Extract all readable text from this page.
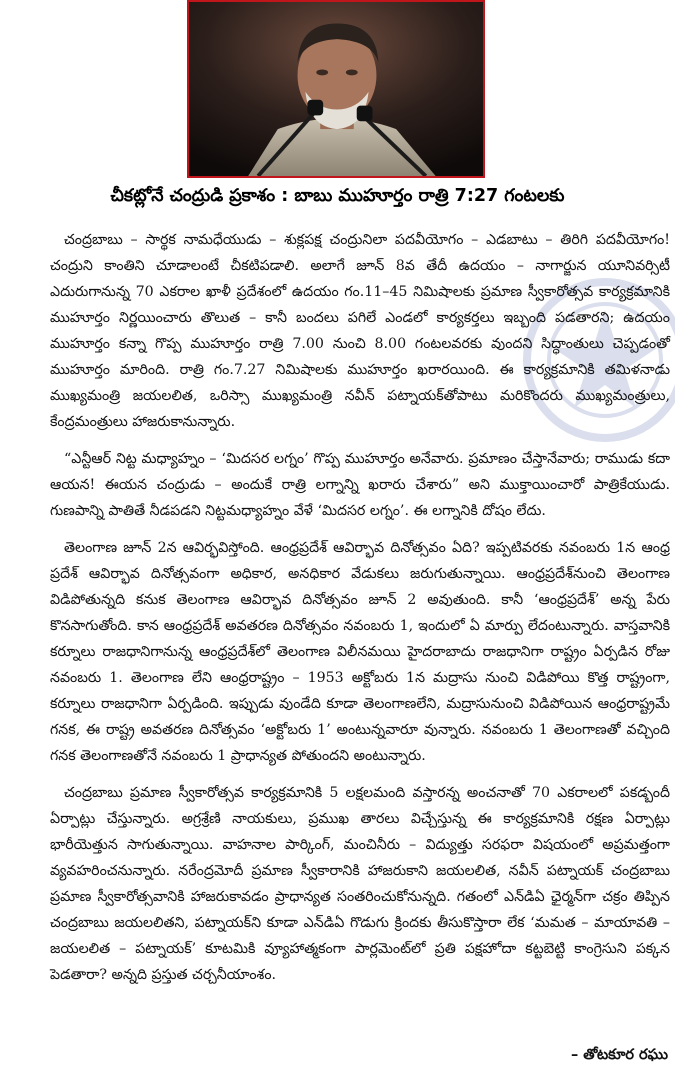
చీకట్లోనే చంద్రుడి ప్రకాశం : బాబు ముహూర్తం రాత్రి 7:27 గంటలకు

చంద్రబాబు – సార్థక నామధేయుడు – శుక్లపక్ష చంద్రునిలా పదవీయోగం – ఎడబాటు – తిరిగి పదవీయోగం! చంద్రుని కాంతిని చూడాలంటే చీకటిపడాలి. అలాగే జూన్ 8వ తేదీ ఉదయం – నాగార్జున యూనివర్సిటీ ఎదురుగానున్న 70 ఎకరాల ఖాళీ ప్రదేశంలో ఉదయం గం.11–45 నిమిషాలకు ప్రమాణ స్వీకారోత్సవ కార్యక్రమానికి ముహూర్తం నిర్ణయించారు తొలుత – కానీ బందలు పగిలే ఎండలో కార్యకర్తలు ఇబ్బంది పడతారని; ఉదయం ముహూర్తం కన్నా గొప్ప ముహూర్తం రాత్రి 7.00 నుంచి 8.00 గంటలవరకు వుందని సిద్ధాంతులు చెప్పడంతో ముహూర్తం మారింది. రాత్రి గం.7.27 నిమిషాలకు ముహూర్తం ఖరారయింది. ఈ కార్యక్రమానికి తమిళనాడు ముఖ్యమంత్రి జయలలిత, ఒరిస్సా ముఖ్యమంత్రి నవీన్ పట్నాయక్‌తోపాటు మరికొందరు ముఖ్యమంత్రులు, కేంద్రమంత్రులు హాజరుకానున్నారు.

“ఎన్టీఆర్ నిట్ట మధ్యాహ్నం – ‘మిదసర లగ్నం’ గొప్ప ముహూర్తం అనేవారు. ప్రమాణం చేస్తానేవారు; రాముడు కదా ఆయన! ఈయన చంద్రుడు – అందుకే రాత్రి లగ్నాన్ని ఖరారు చేశారు” అని ముక్తాయించారో పాత్రికేయుడు. గుణపాన్ని పాతితే నీడపడని నిట్టమధ్యాహ్నం వేళే ‘మిదసర లగ్నం’. ఈ లగ్నానికి దోషం లేదు.

తెలంగాణ జూన్ 2న ఆవిర్భవిస్తోంది. ఆంధ్రప్రదేశ్ ఆవిర్భావ దినోత్సవం ఏది? ఇప్పటివరకు నవంబరు 1న ఆంధ్ర ప్రదేశ్ ఆవిర్భావ దినోత్సవంగా అధికార, అనధికార వేడుకలు జరుగుతున్నాయి. ఆంధ్రప్రదేశ్‌నుంచి తెలంగాణ విడిపోతున్నది కనుక తెలంగాణ ఆవిర్భావ దినోత్సవం జూన్ 2 అవుతుంది. కానీ ‘ఆంధ్రప్రదేశ్’ అన్న పేరు కొనసాగుతోంది. కాన ఆంధ్రప్రదేశ్ అవతరణ దినోత్సవం నవంబరు 1, ఇందులో ఏ మార్పు లేదంటున్నారు. వాస్తవానికి కర్నూలు రాజధానిగానున్న ఆంధ్రప్రదేశ్‌లో తెలంగాణ విలీనమయి హైదరాబాదు రాజధానిగా రాష్ట్రం ఏర్పడిన రోజు నవంబరు 1. తెలంగాణ లేని ఆంధ్రరాష్ట్రం – 1953 అక్టోబరు 1న మద్రాసు నుంచి విడిపోయి కొత్త రాష్ట్రంగా, కర్నూలు రాజధానిగా ఏర్పడింది. ఇప్పుడు వుండేది కూడా తెలంగాణలేని, మద్రాసునుంచి విడిపోయిన ఆంధ్రరాష్ట్రమే గనక, ఈ రాష్ట్ర అవతరణ దినోత్సవం ‘అక్టోబరు 1’ అంటున్నవారూ వున్నారు. నవంబరు 1 తెలంగాణతో వచ్చింది గనక తెలంగాణతోనే నవంబరు 1 ప్రాధాన్యత పోతుందని అంటున్నారు.

చంద్రబాబు ప్రమాణ స్వీకారోత్సవ కార్యక్రమానికి 5 లక్షలమంది వస్తారన్న అంచనాతో 70 ఎకరాలలో పకడ్బందీ ఏర్పాట్లు చేస్తున్నారు. అగ్రశ్రేణి నాయకులు, ప్రముఖ తారలు విచ్చేస్తున్న ఈ కార్యక్రమానికి రక్షణ ఏర్పాట్లు భారీయెత్తున సాగుతున్నాయి. వాహనాల పార్కింగ్, మంచినీరు – విద్యుత్తు సరఫరా విషయంలో అప్రమత్తంగా వ్యవహరించనున్నారు. నరేంద్రమోదీ ప్రమాణ స్వీకారానికి హాజరుకాని జయలలిత, నవీన్ పట్నాయక్ చంద్రబాబు ప్రమాణ స్వీకారోత్సవానికి హాజరుకావడం ప్రాధాన్యత సంతరించుకోనున్నది. గతంలో ఎన్‌డిఏ ఛైర్మన్‌గా చక్రం తిప్పిన చంద్రబాబు జయలలితని, పట్నాయక్‌ని కూడా ఎన్‌డిఏ గొడుగు క్రిందకు తీసుకొస్తారా లేక ‘మమత – మాయావతి – జయలలిత – పట్నాయక్’ కూటమికి వ్యూహాత్మకంగా పార్లమెంట్‌లో ప్రతి పక్షహోదా కట్టబెట్టి కాంగ్రెసుని పక్కన పెడతారా? అన్నది ప్రస్తుత చర్చనీయాంశం.

– తోటకూర రఘు
